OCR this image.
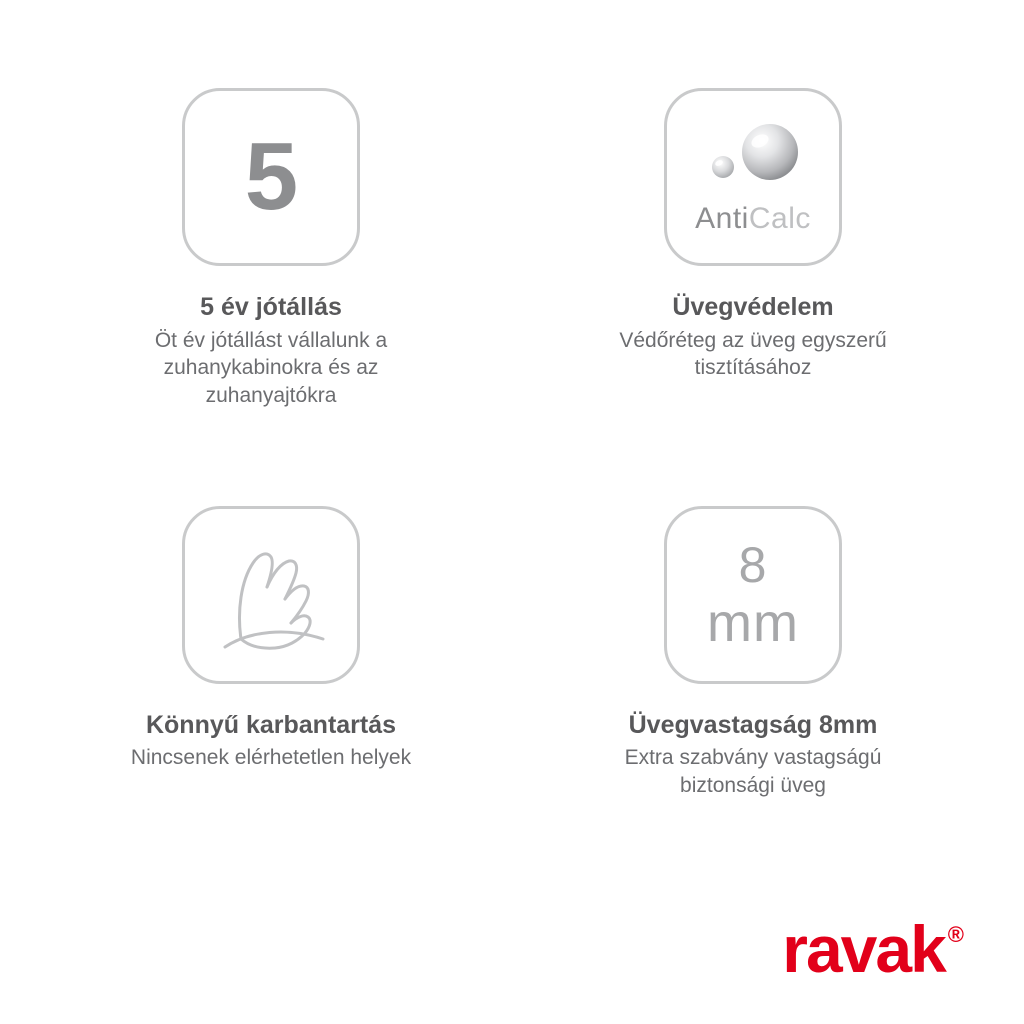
5
5 év jótállás
Öt év jótállást vállalunk a zuhanykabinokra és az zuhanyajtókra
AntiCalc
Üvegvédelem
Védőréteg az üveg egyszerű tisztításához
Könnyű karbantartás
Nincsenek elérhetetlen helyek
8
mm
Üvegvastagság 8mm
Extra szabvány vastagságú biztonsági üveg
ravak ®
